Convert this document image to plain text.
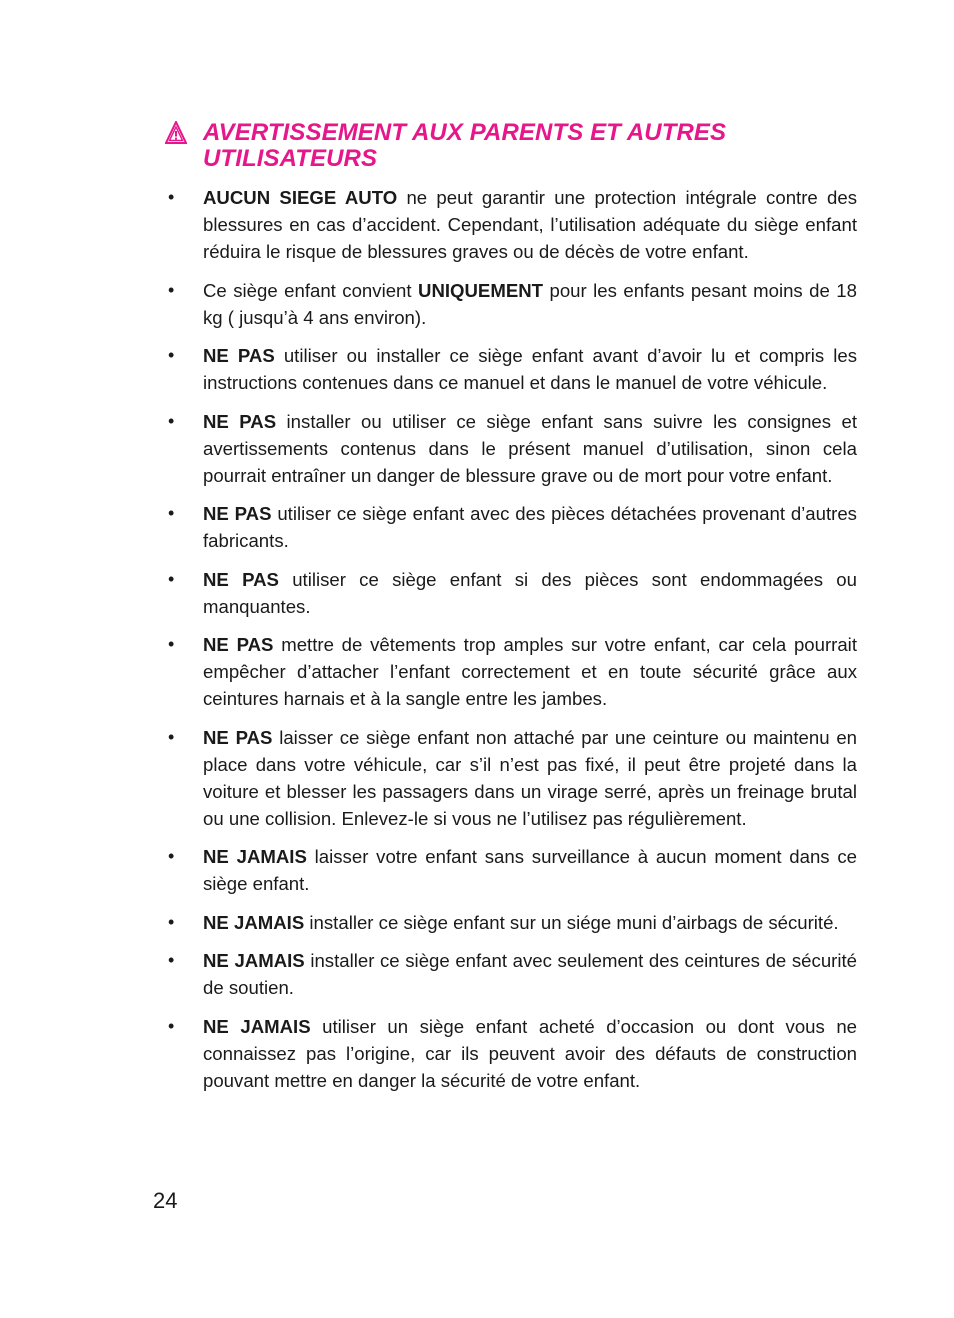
AVERTISSEMENT AUX PARENTS ET AUTRES UTILISATEURS
• AUCUN SIEGE AUTO ne peut garantir une protection intégrale contre des blessures en cas d’accident. Cependant, l’utilisation adéquate du siège enfant réduira le risque de blessures graves ou de décès de votre enfant.
• Ce siège enfant convient UNIQUEMENT pour les enfants pesant moins de 18 kg ( jusqu’à 4 ans environ).
• NE PAS utiliser ou installer ce siège enfant avant d’avoir lu et compris les instructions contenues dans ce manuel et dans le manuel de votre véhicule.
• NE PAS installer ou utiliser ce siège enfant sans suivre les consignes et avertissements contenus dans le présent manuel d’utilisation, sinon cela pourrait entraîner un danger de blessure grave ou de mort pour votre enfant.
• NE PAS utiliser ce siège enfant avec des pièces détachées provenant d’autres fabricants.
• NE PAS utiliser ce siège enfant si des pièces sont endommagées ou manquantes.
• NE PAS mettre de vêtements trop amples sur votre enfant, car cela pourrait empêcher d’attacher l’enfant correctement et en toute sécurité grâce aux ceintures harnais et à la sangle entre les jambes.
• NE PAS laisser ce siège enfant non attaché par une ceinture ou maintenu en place dans votre véhicule, car s’il n’est pas fixé, il peut être projeté dans la voiture et blesser les passagers dans un virage serré, après un freinage brutal ou une collision. Enlevez-le si vous ne l’utilisez pas régulièrement.
• NE JAMAIS laisser votre enfant sans surveillance à aucun moment dans ce siège enfant.
• NE JAMAIS installer ce siège enfant sur un siége muni d’airbags de sécurité.
• NE JAMAIS installer ce siège enfant avec seulement des ceintures de sécurité de soutien.
• NE JAMAIS utiliser un siège enfant acheté d’occasion ou dont vous ne connaissez pas l’origine, car ils peuvent avoir des défauts de construction pouvant mettre en danger la sécurité de votre enfant.
24
